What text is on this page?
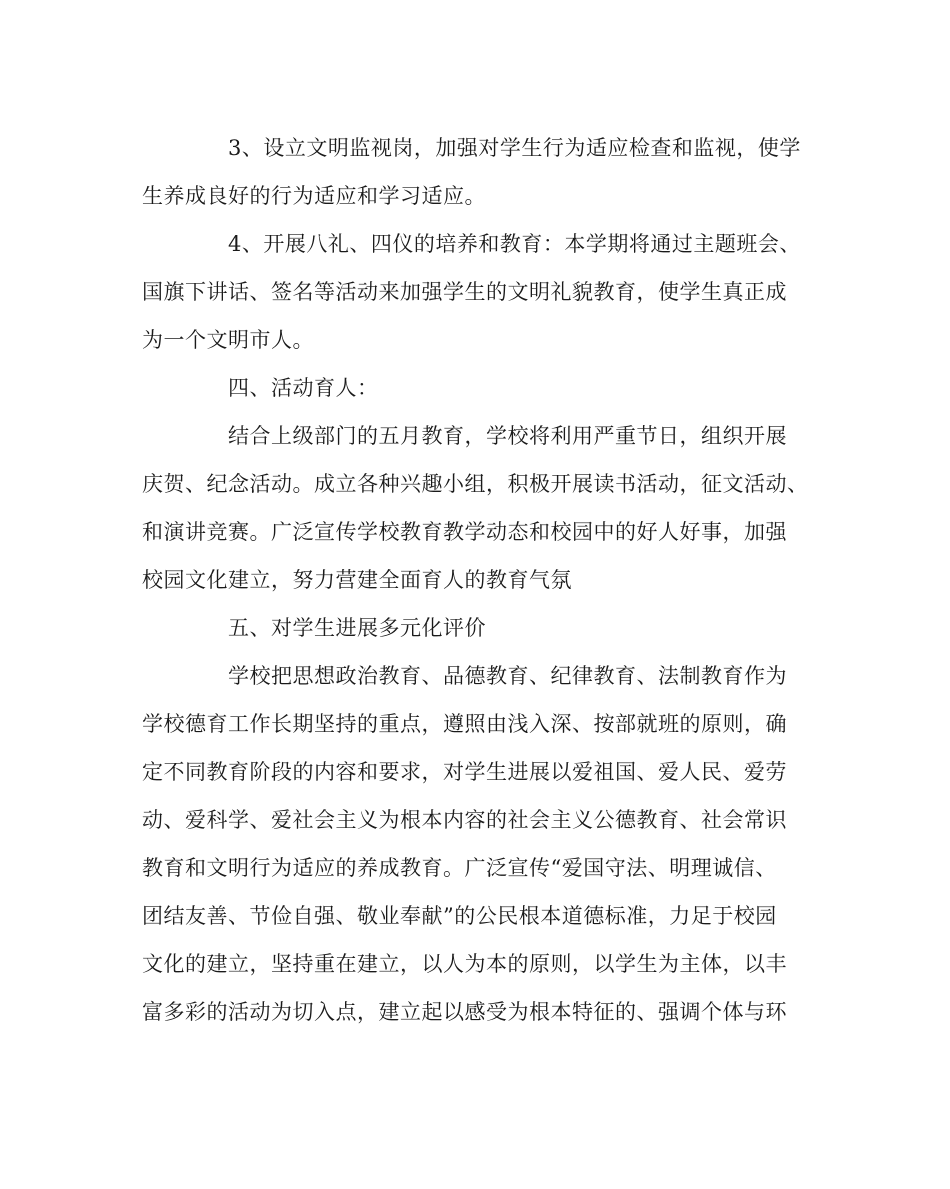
3、设立文明监视岗，加强对学生行为适应检查和监视，使学
生养成良好的行为适应和学习适应。
4、开展八礼、四仪的培养和教育：本学期将通过主题班会、
国旗下讲话、签名等活动来加强学生的文明礼貌教育，使学生真正成
为一个文明市人。
四、活动育人：
结合上级部门的五月教育，学校将利用严重节日，组织开展
庆贺、纪念活动。成立各种兴趣小组，积极开展读书活动，征文活动、
和演讲竞赛。广泛宣传学校教育教学动态和校园中的好人好事，加强
校园文化建立，努力营建全面育人的教育气氛
五、对学生进展多元化评价
学校把思想政治教育、品德教育、纪律教育、法制教育作为
学校德育工作长期坚持的重点，遵照由浅入深、按部就班的原则，确
定不同教育阶段的内容和要求，对学生进展以爱祖国、爱人民、爱劳
动、爱科学、爱社会主义为根本内容的社会主义公德教育、社会常识
教育和文明行为适应的养成教育。广泛宣传“爱国守法、明理诚信、
团结友善、节俭自强、敬业奉献”的公民根本道德标准，力足于校园
文化的建立，坚持重在建立，以人为本的原则，以学生为主体，以丰
富多彩的活动为切入点，建立起以感受为根本特征的、强调个体与环
